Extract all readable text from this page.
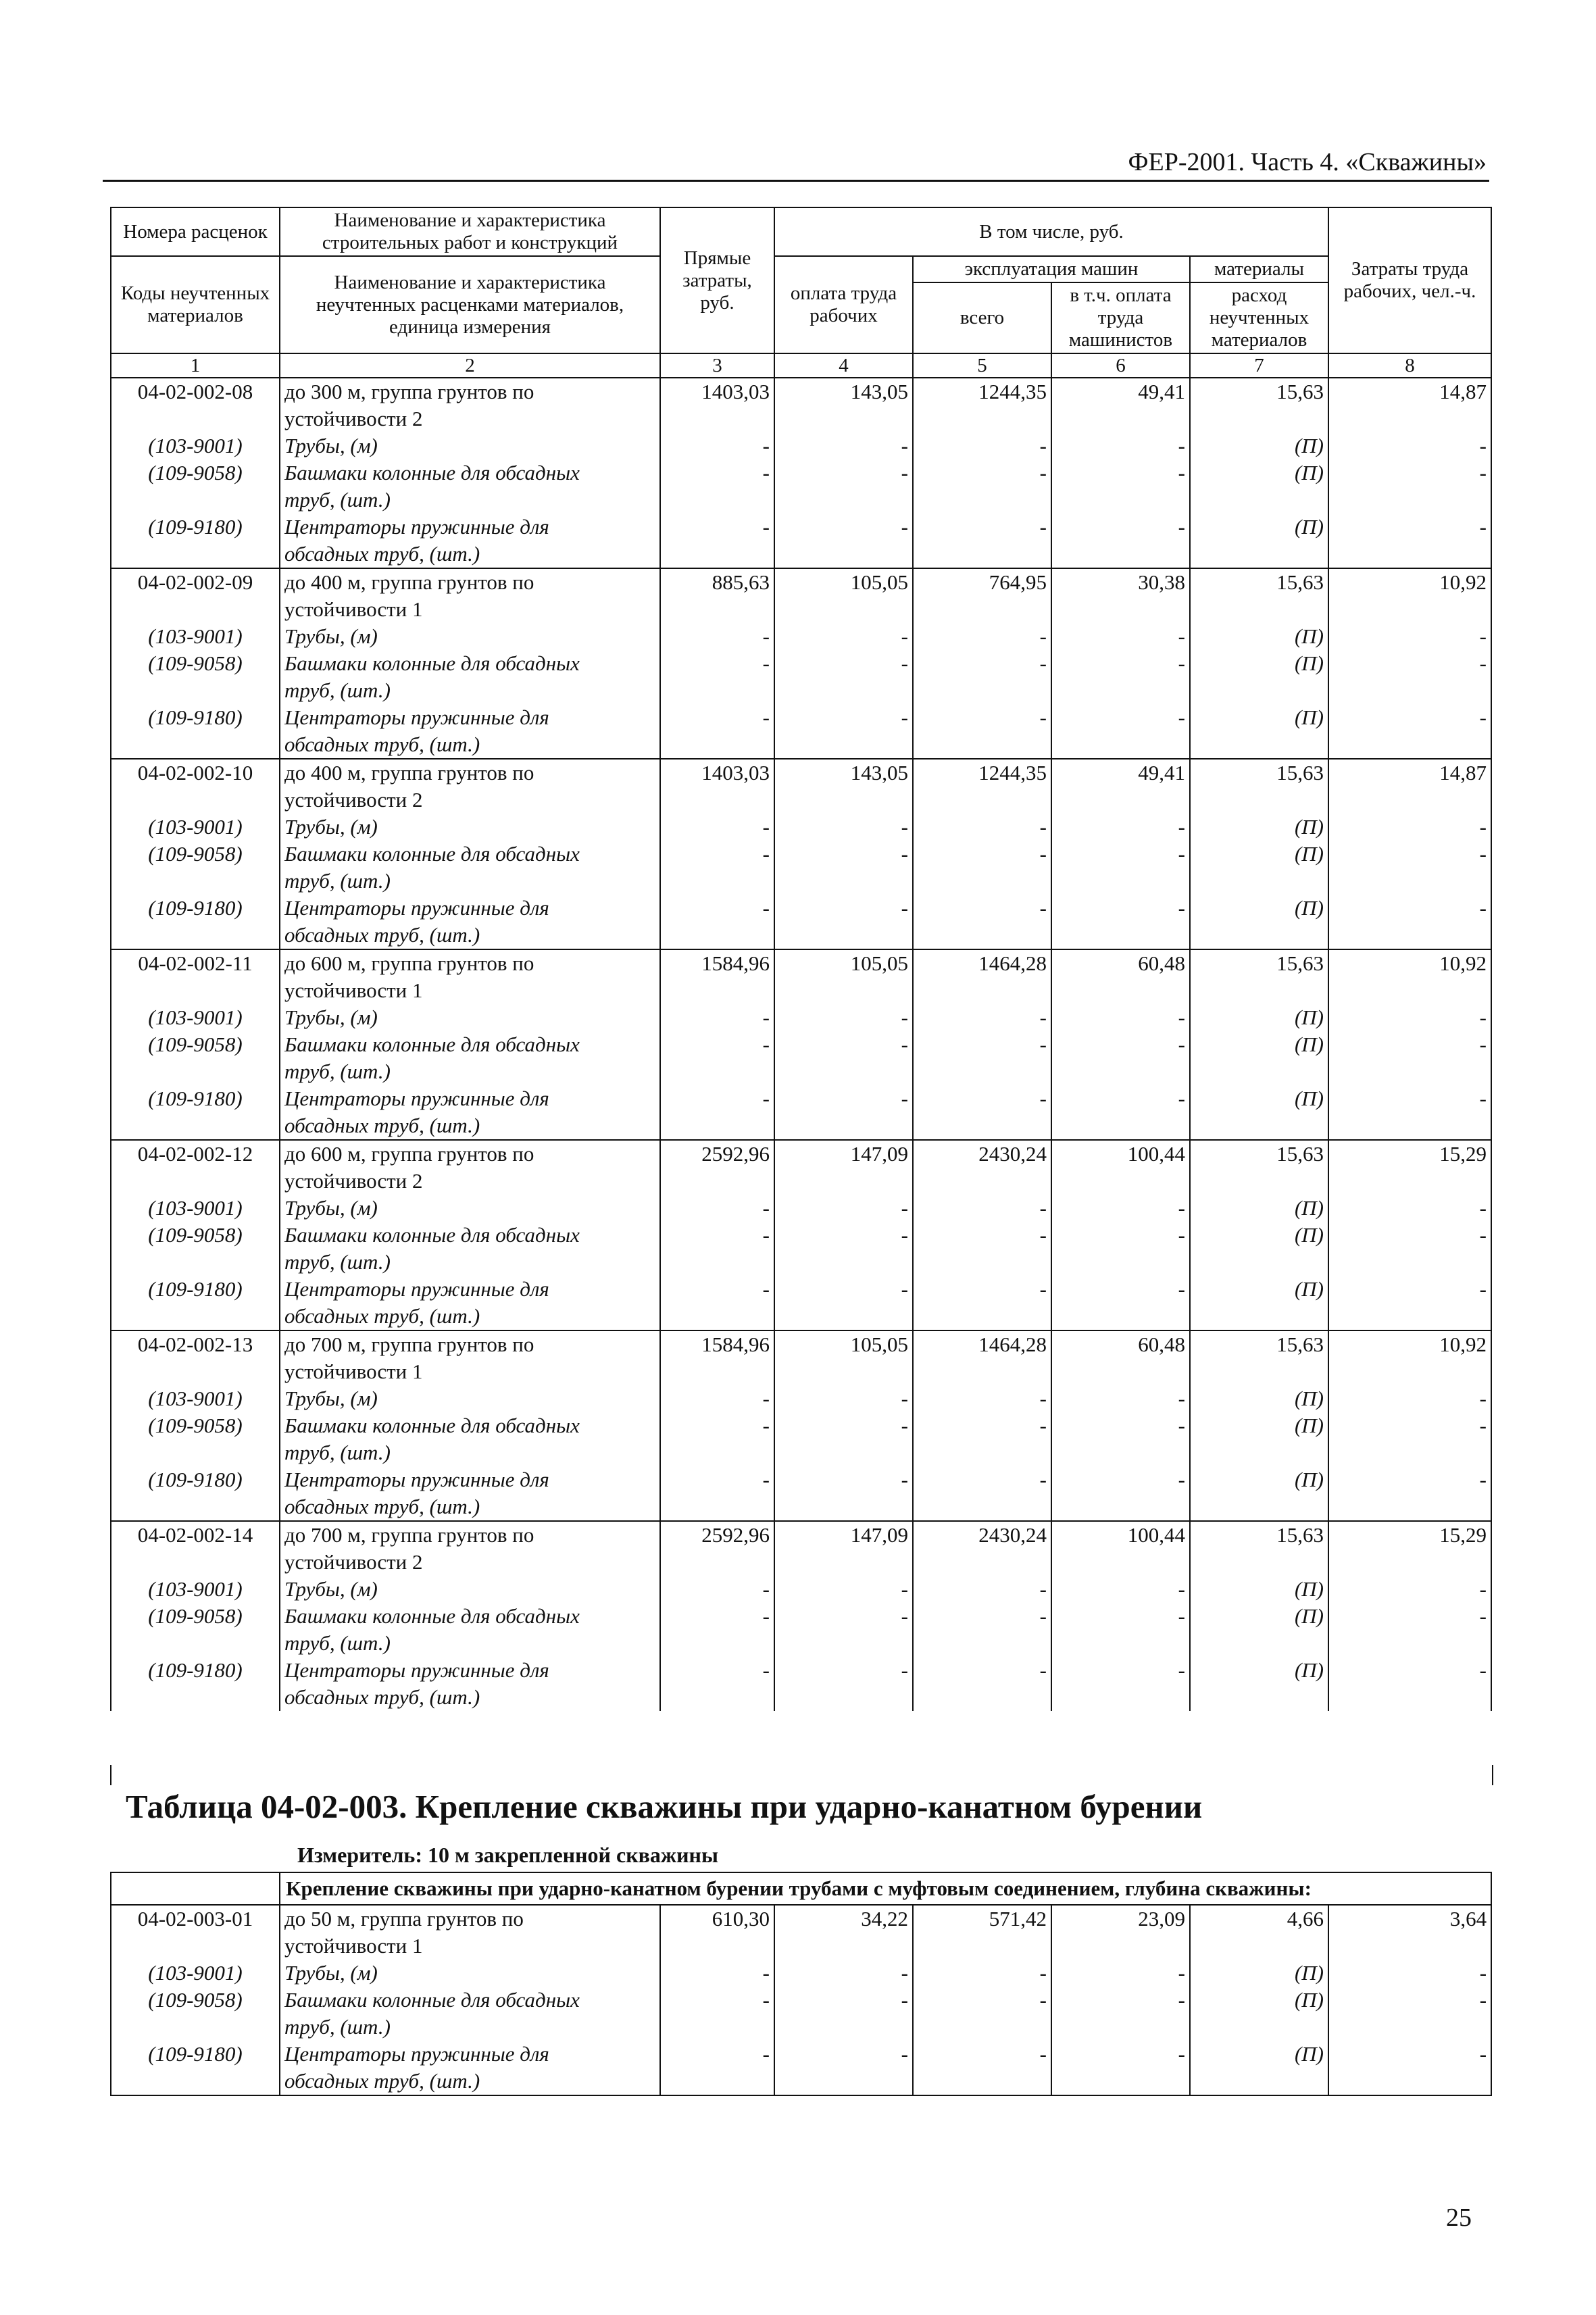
ФЕР-2001. Часть 4. «Скважины»
Номера расценок	Наименование и характеристика строительных работ и конструкций	Прямые затраты, руб.	В том числе, руб.				Затраты труда рабочих, чел.-ч.
Коды неучтенных материалов	Наименование и характеристика неучтенных расценками материалов, единица измерения		оплата труда рабочих	эксплуатация машин		материалы	
				всего	в т.ч. оплата труда машинистов	расход неучтенных материалов	
1	2	3	4	5	6	7	8
04-02-002-08	до 300 м, группа грунтов по	1403,03	143,05	1244,35	49,41	15,63	14,87
	устойчивости 2						
(103-9001)	Трубы, (м)	-	-	-	-	(П)	-
(109-9058)	Башмаки колонные для обсадных	-	-	-	-	(П)	-
	труб, (шт.)						
(109-9180)	Центраторы пружинные для	-	-	-	-	(П)	-
	обсадных труб, (шт.)						
04-02-002-09	до 400 м, группа грунтов по	885,63	105,05	764,95	30,38	15,63	10,92
	устойчивости 1						
(103-9001)	Трубы, (м)	-	-	-	-	(П)	-
(109-9058)	Башмаки колонные для обсадных	-	-	-	-	(П)	-
	труб, (шт.)						
(109-9180)	Центраторы пружинные для	-	-	-	-	(П)	-
	обсадных труб, (шт.)						
04-02-002-10	до 400 м, группа грунтов по	1403,03	143,05	1244,35	49,41	15,63	14,87
	устойчивости 2						
(103-9001)	Трубы, (м)	-	-	-	-	(П)	-
(109-9058)	Башмаки колонные для обсадных	-	-	-	-	(П)	-
	труб, (шт.)						
(109-9180)	Центраторы пружинные для	-	-	-	-	(П)	-
	обсадных труб, (шт.)						
04-02-002-11	до 600 м, группа грунтов по	1584,96	105,05	1464,28	60,48	15,63	10,92
	устойчивости 1						
(103-9001)	Трубы, (м)	-	-	-	-	(П)	-
(109-9058)	Башмаки колонные для обсадных	-	-	-	-	(П)	-
	труб, (шт.)						
(109-9180)	Центраторы пружинные для	-	-	-	-	(П)	-
	обсадных труб, (шт.)						
04-02-002-12	до 600 м, группа грунтов по	2592,96	147,09	2430,24	100,44	15,63	15,29
	устойчивости 2						
(103-9001)	Трубы, (м)	-	-	-	-	(П)	-
(109-9058)	Башмаки колонные для обсадных	-	-	-	-	(П)	-
	труб, (шт.)						
(109-9180)	Центраторы пружинные для	-	-	-	-	(П)	-
	обсадных труб, (шт.)						
04-02-002-13	до 700 м, группа грунтов по	1584,96	105,05	1464,28	60,48	15,63	10,92
	устойчивости 1						
(103-9001)	Трубы, (м)	-	-	-	-	(П)	-
(109-9058)	Башмаки колонные для обсадных	-	-	-	-	(П)	-
	труб, (шт.)						
(109-9180)	Центраторы пружинные для	-	-	-	-	(П)	-
	обсадных труб, (шт.)						
04-02-002-14	до 700 м, группа грунтов по	2592,96	147,09	2430,24	100,44	15,63	15,29
	устойчивости 2						
(103-9001)	Трубы, (м)	-	-	-	-	(П)	-
(109-9058)	Башмаки колонные для обсадных	-	-	-	-	(П)	-
	труб, (шт.)						
(109-9180)	Центраторы пружинные для	-	-	-	-	(П)	-
	обсадных труб, (шт.)						
Таблица 04-02-003. Крепление скважины при ударно-канатном бурении
Измеритель: 10 м закрепленной скважины
	Крепление скважины при ударно-канатном бурении трубами с муфтовым соединением, глубина скважины:						
04-02-003-01	до 50 м, группа грунтов по	610,30	34,22	571,42	23,09	4,66	3,64
	устойчивости 1						
(103-9001)	Трубы, (м)	-	-	-	-	(П)	-
(109-9058)	Башмаки колонные для обсадных	-	-	-	-	(П)	-
	труб, (шт.)						
(109-9180)	Центраторы пружинные для	-	-	-	-	(П)	-
	обсадных труб, (шт.)						
25
